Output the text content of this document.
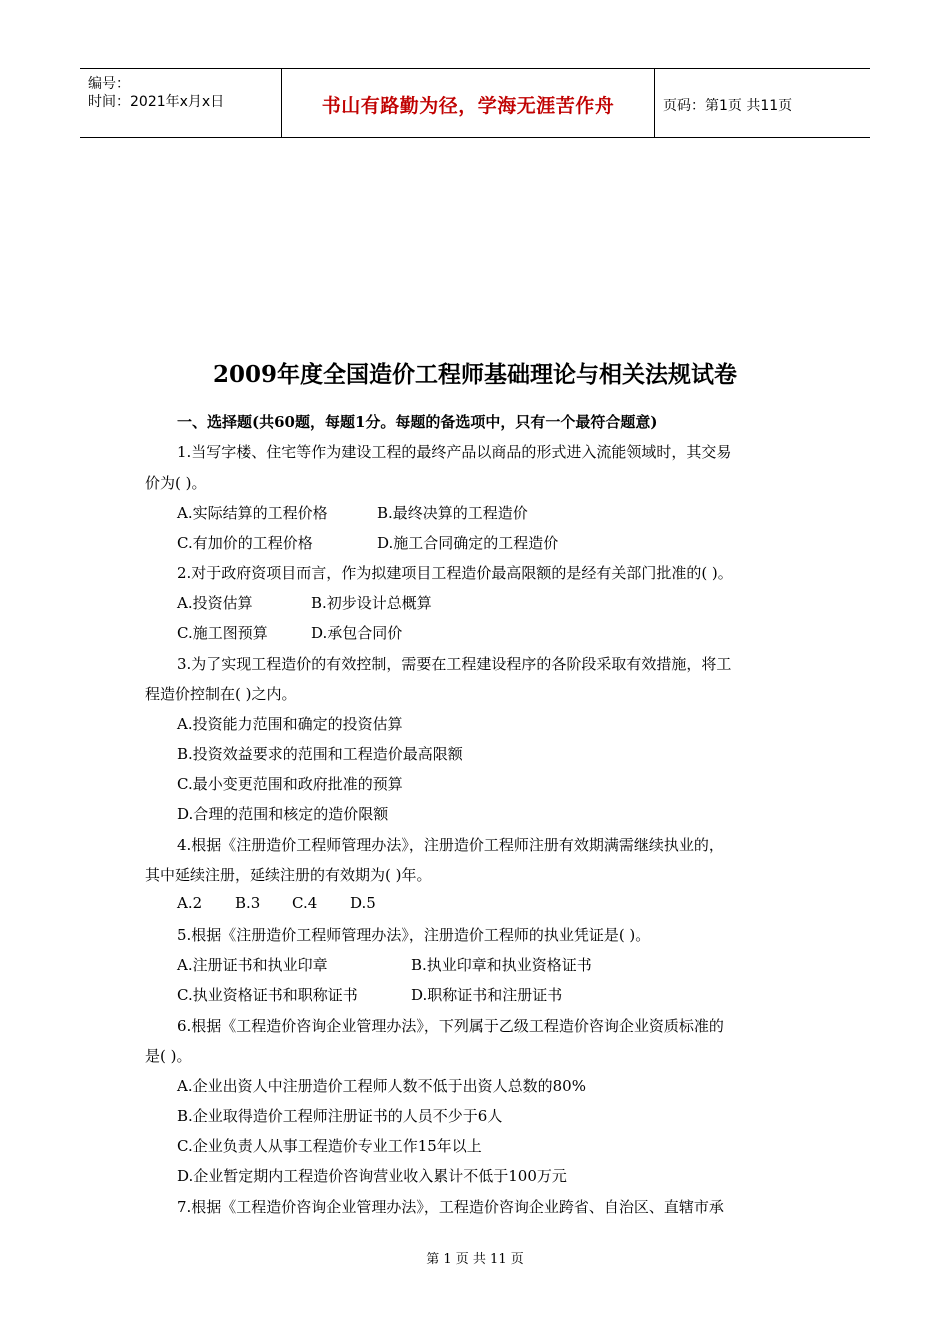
编号：
时间：2021年x月x日	书山有路勤为径，学海无涯苦作舟	页码：第1页 共11页
2009年度全国造价工程师基础理论与相关法规试卷
一、选择题(共60题，每题1分。每题的备选项中，只有一个最符合题意)
1.当写字楼、住宅等作为建设工程的最终产品以商品的形式进入流能领域时，其交易
价为( )。
A.实际结算的工程价格	B.最终决算的工程造价
C.有加价的工程价格	D.施工合同确定的工程造价
2.对于政府资项目而言，作为拟建项目工程造价最高限额的是经有关部门批准的( )。
A.投资估算	B.初步设计总概算
C.施工图预算	D.承包合同价
3.为了实现工程造价的有效控制，需要在工程建设程序的各阶段采取有效措施，将工
程造价控制在( )之内。
A.投资能力范围和确定的投资估算
B.投资效益要求的范围和工程造价最高限额
C.最小变更范围和政府批准的预算
D.合理的范围和核定的造价限额
4.根据《注册造价工程师管理办法》，注册造价工程师注册有效期满需继续执业的，
其中延续注册，延续注册的有效期为( )年。
A.2 B.3 C.4 D.5
5.根据《注册造价工程师管理办法》，注册造价工程师的执业凭证是( )。
A.注册证书和执业印章	B.执业印章和执业资格证书
C.执业资格证书和职称证书	D.职称证书和注册证书
6.根据《工程造价咨询企业管理办法》，下列属于乙级工程造价咨询企业资质标准的
是( )。
A.企业出资人中注册造价工程师人数不低于出资人总数的80%
B.企业取得造价工程师注册证书的人员不少于6人
C.企业负责人从事工程造价专业工作15年以上
D.企业暂定期内工程造价咨询营业收入累计不低于100万元
7.根据《工程造价咨询企业管理办法》，工程造价咨询企业跨省、自治区、直辖市承
第 1 页 共 11 页
